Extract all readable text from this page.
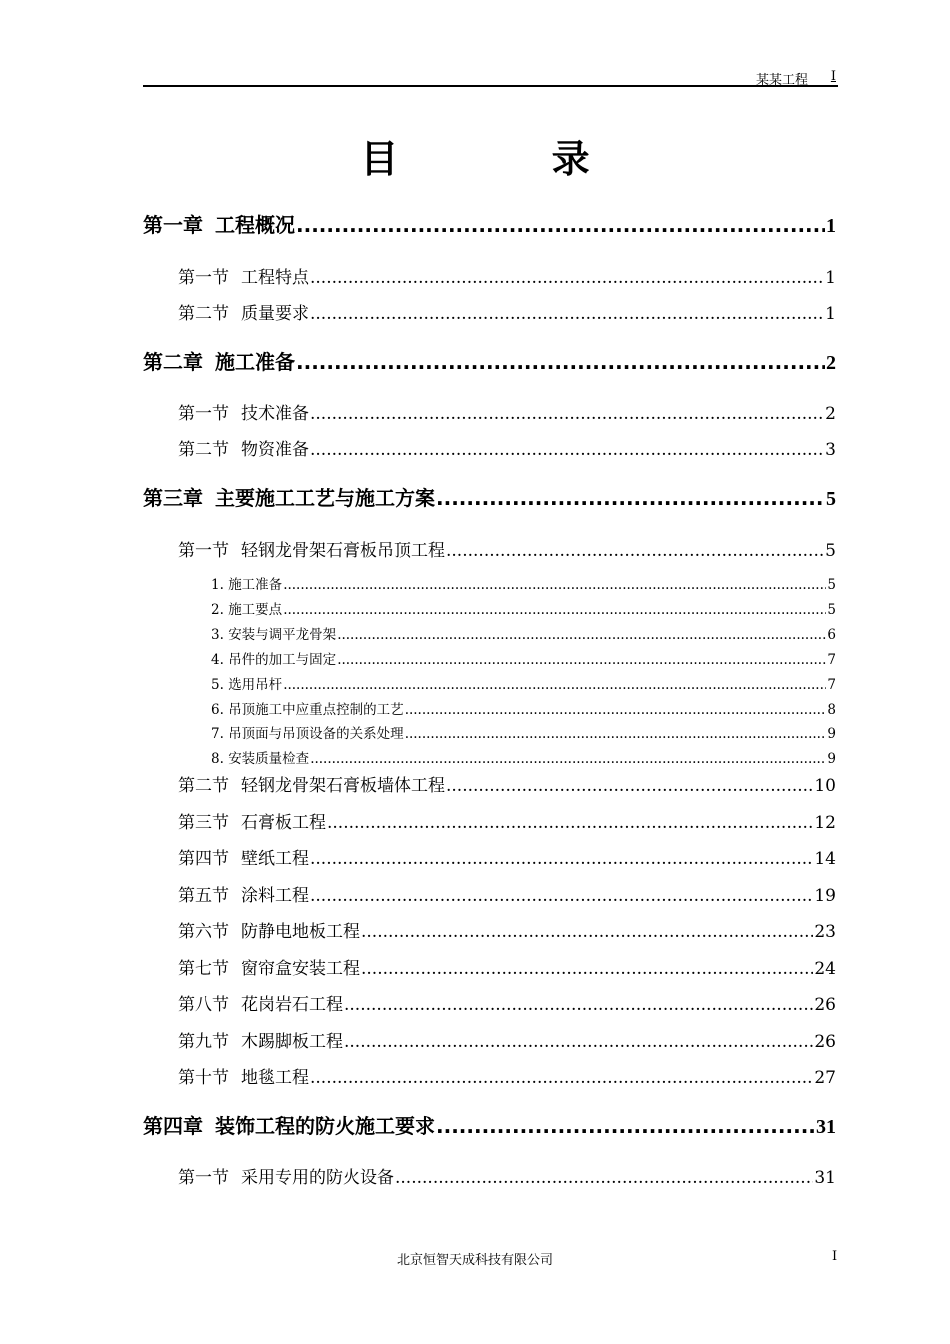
某某工程 I
目 录
第一章 工程概况 .....	1
第一节 工程特点 .....	1
第二节 质量要求 .....	1
第二章 施工准备 .....	2
第一节 技术准备 .....	2
第二节 物资准备 .....	3
第三章 主要施工工艺与施工方案 .....	5
第一节 轻钢龙骨架石膏板吊顶工程 .....	5
1. 施工准备 .....	5
2. 施工要点 .....	5
3. 安装与调平龙骨架 .....	6
4. 吊件的加工与固定 .....	7
5. 选用吊杆 .....	7
6. 吊顶施工中应重点控制的工艺 .....	8
7. 吊顶面与吊顶设备的关系处理 .....	9
8. 安装质量检查 .....	9
第二节 轻钢龙骨架石膏板墙体工程 .....	10
第三节 石膏板工程 .....	12
第四节 壁纸工程 .....	14
第五节 涂料工程 .....	19
第六节 防静电地板工程 .....	23
第七节 窗帘盒安装工程 .....	24
第八节 花岗岩石工程 .....	26
第九节 木踢脚板工程 .....	26
第十节 地毯工程 .....	27
第四章 装饰工程的防火施工要求 .....	31
第一节 采用专用的防火设备 .....	31
北京恒智天成科技有限公司	I
